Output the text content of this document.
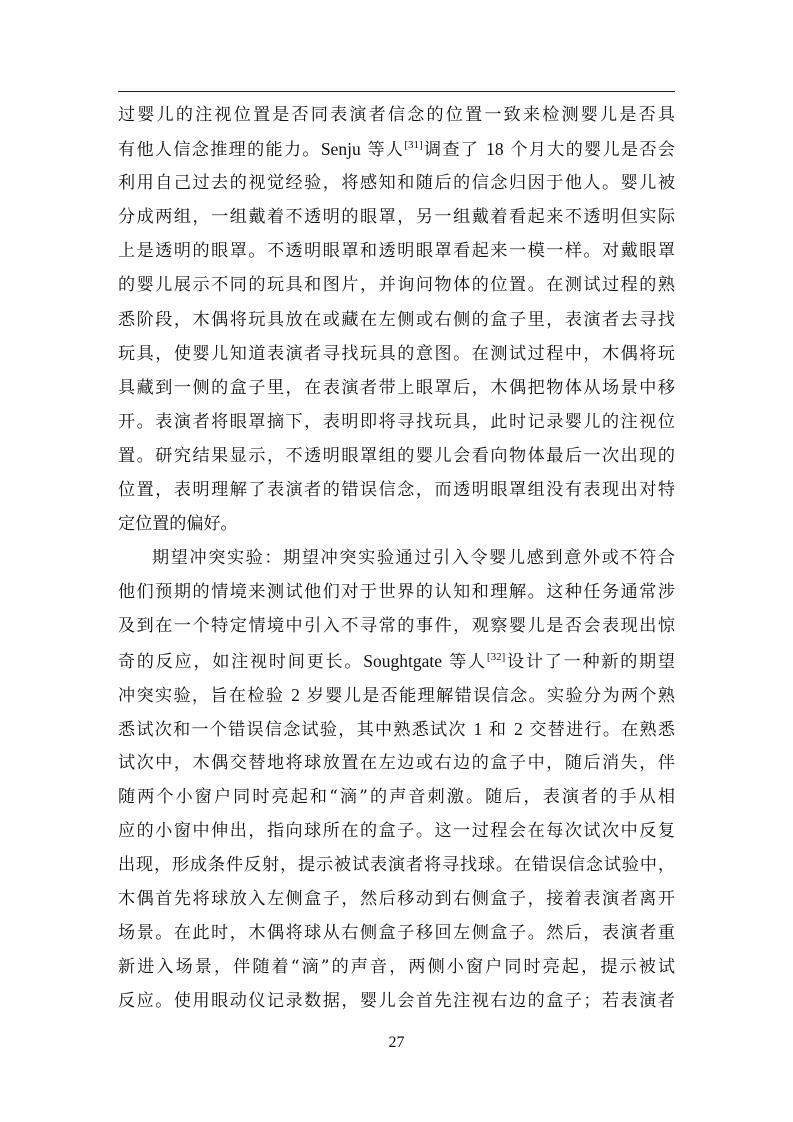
过婴儿的注视位置是否同表演者信念的位置一致来检测婴儿是否具
有他人信念推理的能力。Senju 等人[31]调查了 18 个月大的婴儿是否会
利用自己过去的视觉经验，将感知和随后的信念归因于他人。婴儿被
分成两组，一组戴着不透明的眼罩，另一组戴着看起来不透明但实际
上是透明的眼罩。不透明眼罩和透明眼罩看起来一模一样。对戴眼罩
的婴儿展示不同的玩具和图片，并询问物体的位置。在测试过程的熟
悉阶段，木偶将玩具放在或藏在左侧或右侧的盒子里，表演者去寻找
玩具，使婴儿知道表演者寻找玩具的意图。在测试过程中，木偶将玩
具藏到一侧的盒子里，在表演者带上眼罩后，木偶把物体从场景中移
开。表演者将眼罩摘下，表明即将寻找玩具，此时记录婴儿的注视位
置。研究结果显示，不透明眼罩组的婴儿会看向物体最后一次出现的
位置，表明理解了表演者的错误信念，而透明眼罩组没有表现出对特
定位置的偏好。
期望冲突实验：期望冲突实验通过引入令婴儿感到意外或不符合
他们预期的情境来测试他们对于世界的认知和理解。这种任务通常涉
及到在一个特定情境中引入不寻常的事件，观察婴儿是否会表现出惊
奇的反应，如注视时间更长。Soughtgate 等人[32]设计了一种新的期望
冲突实验，旨在检验 2 岁婴儿是否能理解错误信念。实验分为两个熟
悉试次和一个错误信念试验，其中熟悉试次 1 和 2 交替进行。在熟悉
试次中，木偶交替地将球放置在左边或右边的盒子中，随后消失，伴
随两个小窗户同时亮起和“滴”的声音刺激。随后，表演者的手从相
应的小窗中伸出，指向球所在的盒子。这一过程会在每次试次中反复
出现，形成条件反射，提示被试表演者将寻找球。在错误信念试验中，
木偶首先将球放入左侧盒子，然后移动到右侧盒子，接着表演者离开
场景。在此时，木偶将球从右侧盒子移回左侧盒子。然后，表演者重
新进入场景，伴随着“滴”的声音，两侧小窗户同时亮起，提示被试
反应。使用眼动仪记录数据，婴儿会首先注视右边的盒子；若表演者
27
